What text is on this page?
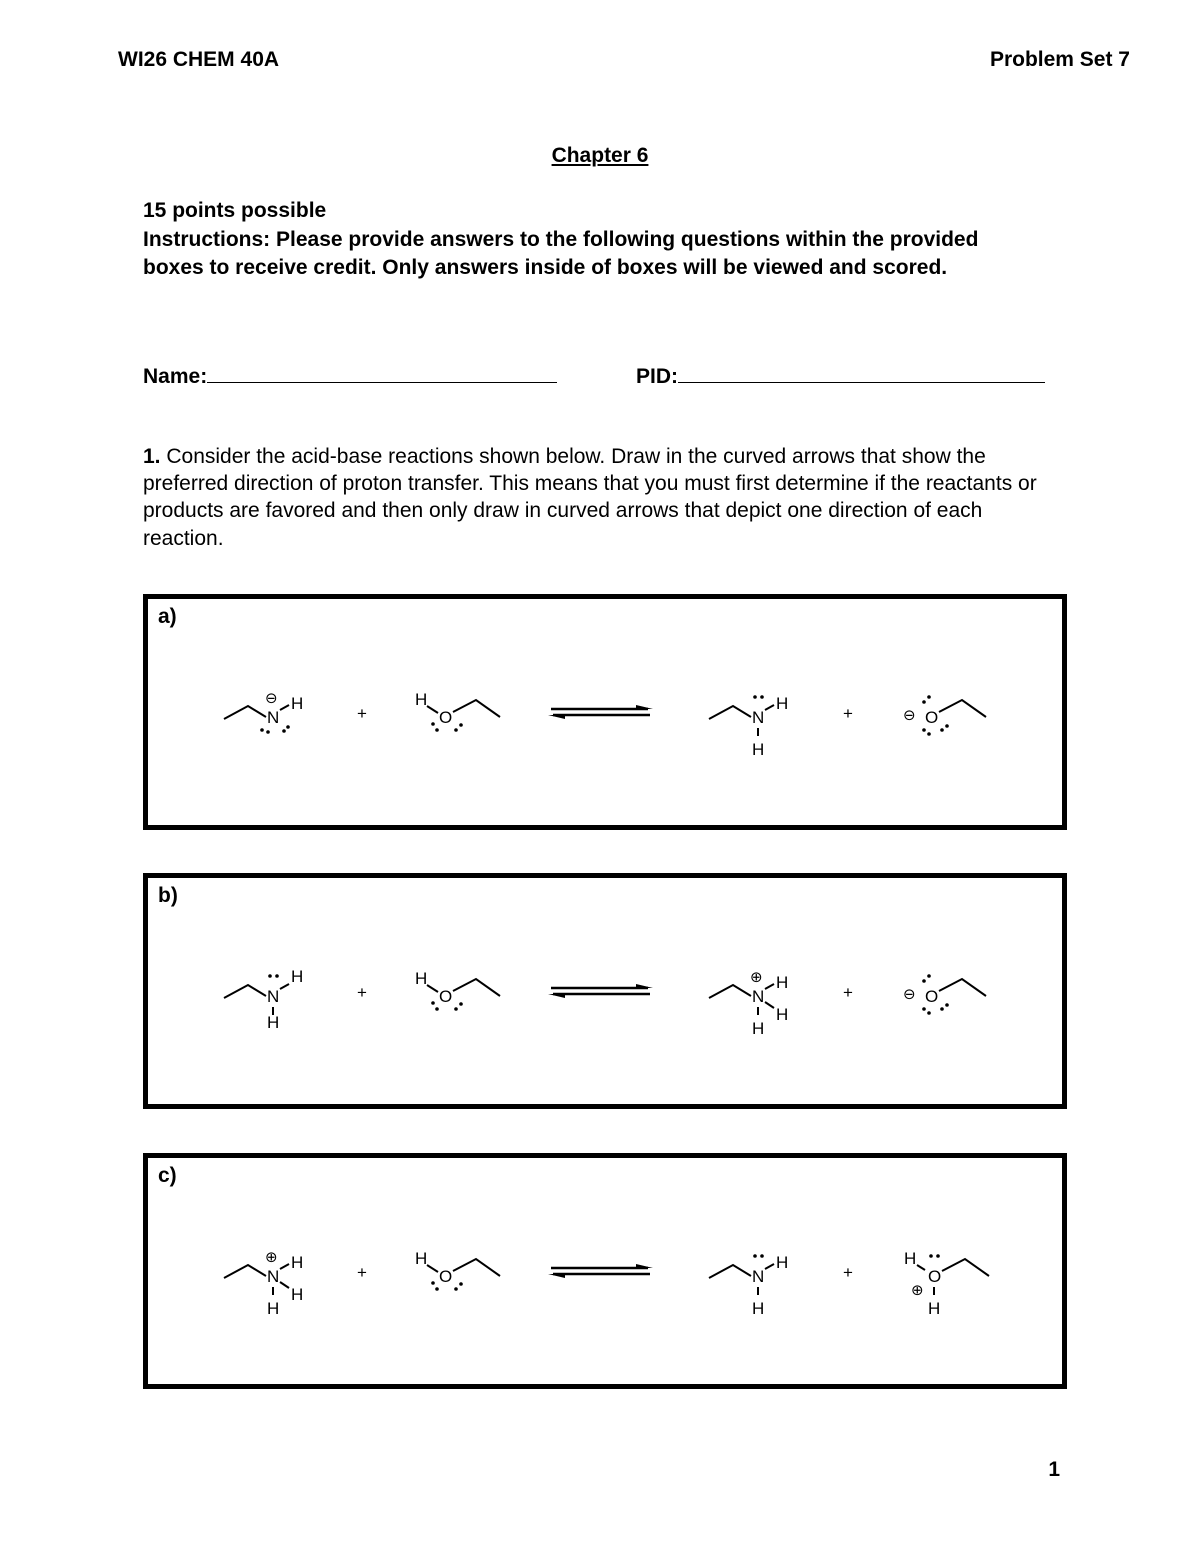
WI26 CHEM 40A	Problem Set 7
Chapter 6
15 points possible
Instructions: Please provide answers to the following questions within the provided boxes to receive credit. Only answers inside of boxes will be viewed and scored.
Name:	PID:
1. Consider the acid-base reactions shown below. Draw in the curved arrows that show the preferred direction of proton transfer. This means that you must first determine if the reactants or products are favored and then only draw in curved arrows that depict one direction of each reaction.
a)
N
H
⊖
+
H
O	N
H
H
+	⊖ O
b)
N
H
H
+
H
O	N
⊕ H
H
H
+	⊖ O
c)
N
⊕ H
H
H
+
H
O	N
H
H
+
H
O
⊕
H
1
